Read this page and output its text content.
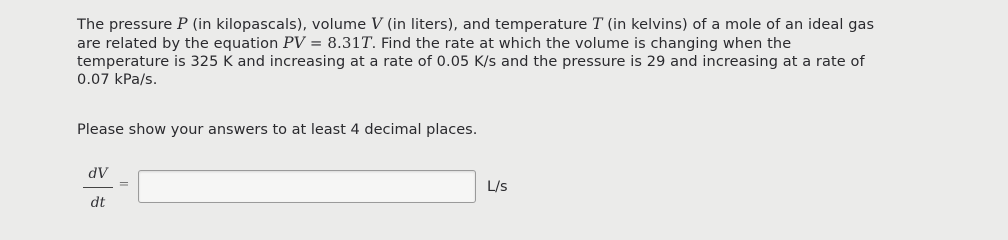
The pressure P (in kilopascals), volume V (in liters), and temperature T (in kelvins) of a mole of an ideal gas
are related by the equation PV = 8.31T. Find the rate at which the volume is changing when the
temperature is 325 K and increasing at a rate of 0.05 K/s and the pressure is 29 and increasing at a rate of
0.07 kPa/s.
Please show your answers to at least 4 decimal places.
dV
dt
=	L/s
